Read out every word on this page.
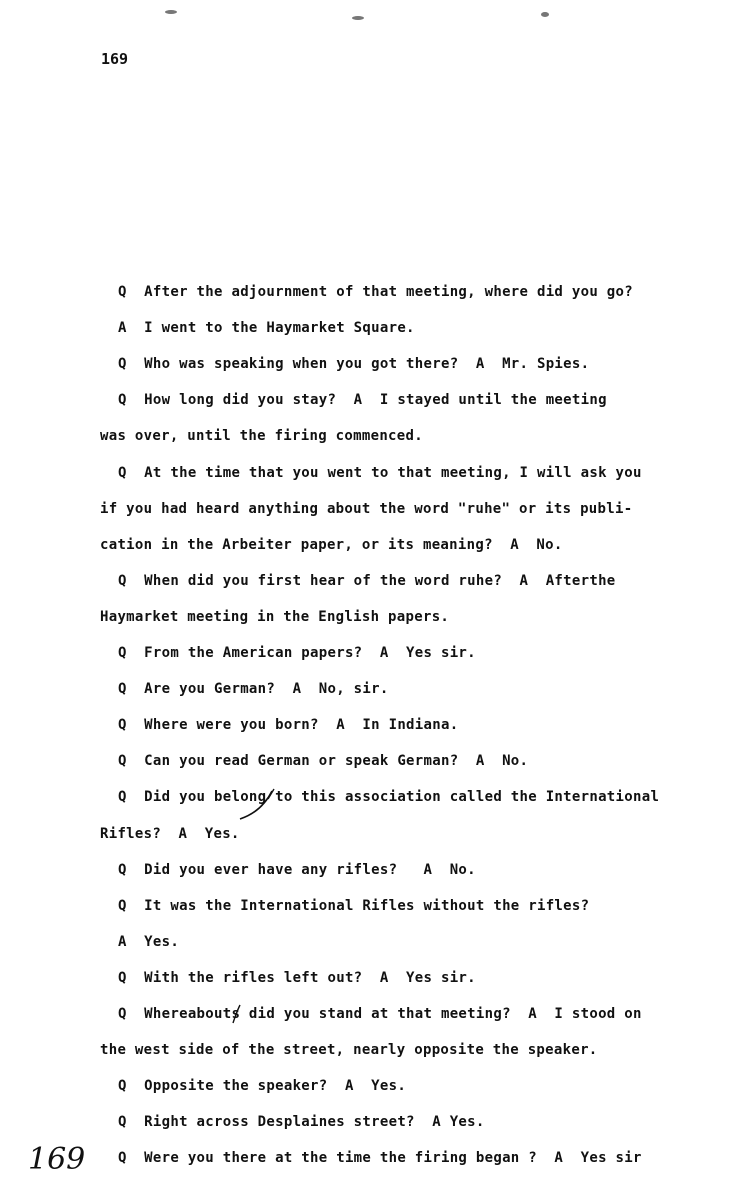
169
Q  After the adjournment of that meeting, where did you go?
A  I went to the Haymarket Square.
Q  Who was speaking when you got there?  A  Mr. Spies.
Q  How long did you stay?  A  I stayed until the meeting
was over, until the firing commenced.
Q  At the time that you went to that meeting, I will ask you
if you had heard anything about the word "ruhe" or its publi-
cation in the Arbeiter paper, or its meaning?  A  No.
Q  When did you first hear of the word ruhe?  A  Afterthe
Haymarket meeting in the English papers.
Q  From the American papers?  A  Yes sir.
Q  Are you German?  A  No, sir.
Q  Where were you born?  A  In Indiana.
Q  Can you read German or speak German?  A  No.
Q  Did you belong to this association called the International
Rifles?  A  Yes.
Q  Did you ever have any rifles?   A  No.
Q  It was the International Rifles without the rifles?
A  Yes.
Q  With the rifles left out?  A  Yes sir.
Q  Whereabouts did you stand at that meeting?  A  I stood on
the west side of the street, nearly opposite the speaker.
Q  Opposite the speaker?  A  Yes.
Q  Right across Desplaines street?  A Yes.
Q  Were you there at the time the firing began ?  A  Yes sir
169
